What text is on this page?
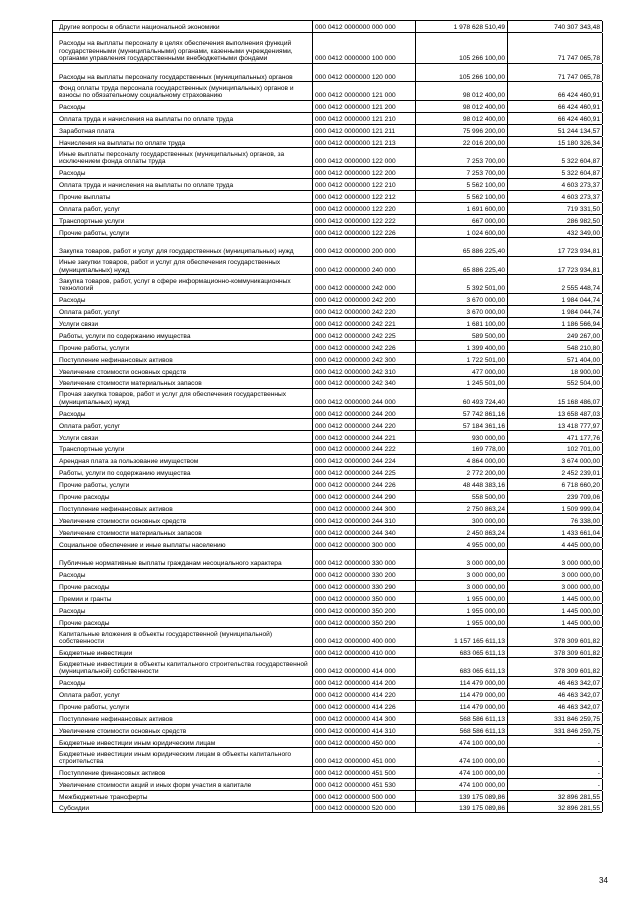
Другие вопросы в области национальной экономики	000 0412 0000000 000 000	1 978 628 510,49	740 307 343,48
Расходы на выплаты персоналу в целях обеспечения выполнения функций государственными (муниципальными) органами, казенными учреждениями, органами управления государственными внебюджетными фондами	000 0412 0000000 100 000	105 266 100,00	71 747 065,78
Расходы на выплаты персоналу государственных (муниципальных) органов	000 0412 0000000 120 000	105 266 100,00	71 747 065,78
Фонд оплаты труда персонала государственных (муниципальных) органов и взносы по обязательному социальному страхованию	000 0412 0000000 121 000	98 012 400,00	66 424 460,91
Расходы	000 0412 0000000 121 200	98 012 400,00	66 424 460,91
Оплата труда и начисления на выплаты по оплате труда	000 0412 0000000 121 210	98 012 400,00	66 424 460,91
Заработная плата	000 0412 0000000 121 211	75 996 200,00	51 244 134,57
Начисления на выплаты по оплате труда	000 0412 0000000 121 213	22 016 200,00	15 180 326,34
Иные выплаты персоналу государственных (муниципальных) органов, за исключением фонда оплаты труда	000 0412 0000000 122 000	7 253 700,00	5 322 604,87
Расходы	000 0412 0000000 122 200	7 253 700,00	5 322 604,87
Оплата труда и начисления на выплаты по оплате труда	000 0412 0000000 122 210	5 562 100,00	4 603 273,37
Прочие выплаты	000 0412 0000000 122 212	5 562 100,00	4 603 273,37
Оплата работ, услуг	000 0412 0000000 122 220	1 691 600,00	719 331,50
Транспортные услуги	000 0412 0000000 122 222	667 000,00	286 982,50
Прочие работы, услуги	000 0412 0000000 122 226	1 024 600,00	432 349,00
Закупка товаров, работ и услуг для государственных (муниципальных) нужд	000 0412 0000000 200 000	65 886 225,40	17 723 934,81
Иные закупки товаров, работ и услуг для обеспечения государственных (муниципальных) нужд	000 0412 0000000 240 000	65 886 225,40	17 723 934,81
Закупка товаров, работ, услуг в сфере информационно-коммуникационных технологий	000 0412 0000000 242 000	5 392 501,00	2 555 448,74
Расходы	000 0412 0000000 242 200	3 670 000,00	1 984 044,74
Оплата работ, услуг	000 0412 0000000 242 220	3 670 000,00	1 984 044,74
Услуги связи	000 0412 0000000 242 221	1 681 100,00	1 186 566,94
Работы, услуги по содержанию имущества	000 0412 0000000 242 225	589 500,00	249 267,00
Прочие работы, услуги	000 0412 0000000 242 226	1 399 400,00	548 210,80
Поступление нефинансовых активов	000 0412 0000000 242 300	1 722 501,00	571 404,00
Увеличение стоимости основных средств	000 0412 0000000 242 310	477 000,00	18 900,00
Увеличение стоимости материальных запасов	000 0412 0000000 242 340	1 245 501,00	552 504,00
Прочая закупка товаров, работ и услуг для обеспечения государственных (муниципальных) нужд	000 0412 0000000 244 000	60 493 724,40	15 168 486,07
Расходы	000 0412 0000000 244 200	57 742 861,16	13 658 487,03
Оплата работ, услуг	000 0412 0000000 244 220	57 184 361,16	13 418 777,97
Услуги связи	000 0412 0000000 244 221	930 000,00	471 177,76
Транспортные услуги	000 0412 0000000 244 222	169 778,00	102 701,00
Арендная плата за пользование имуществом	000 0412 0000000 244 224	4 864 000,00	3 674 000,00
Работы, услуги по содержанию имущества	000 0412 0000000 244 225	2 772 200,00	2 452 239,01
Прочие работы, услуги	000 0412 0000000 244 226	48 448 383,16	6 718 660,20
Прочие расходы	000 0412 0000000 244 290	558 500,00	239 709,06
Поступление нефинансовых активов	000 0412 0000000 244 300	2 750 863,24	1 509 999,04
Увеличение стоимости основных средств	000 0412 0000000 244 310	300 000,00	76 338,00
Увеличение стоимости материальных запасов	000 0412 0000000 244 340	2 450 863,24	1 433 661,04
Социальное обеспечение и иные выплаты населению	000 0412 0000000 300 000	4 955 000,00	4 445 000,00
Публичные нормативные выплаты гражданам несоциального характера	000 0412 0000000 330 000	3 000 000,00	3 000 000,00
Расходы	000 0412 0000000 330 200	3 000 000,00	3 000 000,00
Прочие расходы	000 0412 0000000 330 290	3 000 000,00	3 000 000,00
Премии и гранты	000 0412 0000000 350 000	1 955 000,00	1 445 000,00
Расходы	000 0412 0000000 350 200	1 955 000,00	1 445 000,00
Прочие расходы	000 0412 0000000 350 290	1 955 000,00	1 445 000,00
Капитальные вложения в объекты государственной (муниципальной) собственности	000 0412 0000000 400 000	1 157 165 611,13	378 309 601,82
Бюджетные инвестиции	000 0412 0000000 410 000	683 065 611,13	378 309 601,82
Бюджетные инвестиции в объекты капитального строительства государственной (муниципальной) собственности	000 0412 0000000 414 000	683 065 611,13	378 309 601,82
Расходы	000 0412 0000000 414 200	114 479 000,00	46 463 342,07
Оплата работ, услуг	000 0412 0000000 414 220	114 479 000,00	46 463 342,07
Прочие работы, услуги	000 0412 0000000 414 226	114 479 000,00	46 463 342,07
Поступление нефинансовых активов	000 0412 0000000 414 300	568 586 611,13	331 846 259,75
Увеличение стоимости основных средств	000 0412 0000000 414 310	568 586 611,13	331 846 259,75
Бюджетные инвестиции иным юридическим лицам	000 0412 0000000 450 000	474 100 000,00	-
Бюджетные инвестиции иным юридическим лицам в объекты капитального строительства	000 0412 0000000 451 000	474 100 000,00	-
Поступление финансовых активов	000 0412 0000000 451 500	474 100 000,00	-
Увеличение стоимости акций и иных форм участия в капитале	000 0412 0000000 451 530	474 100 000,00	-
Межбюджетные трансферты	000 0412 0000000 500 000	139 175 089,86	32 896 281,55
Субсидии	000 0412 0000000 520 000	139 175 089,86	32 896 281,55
34
